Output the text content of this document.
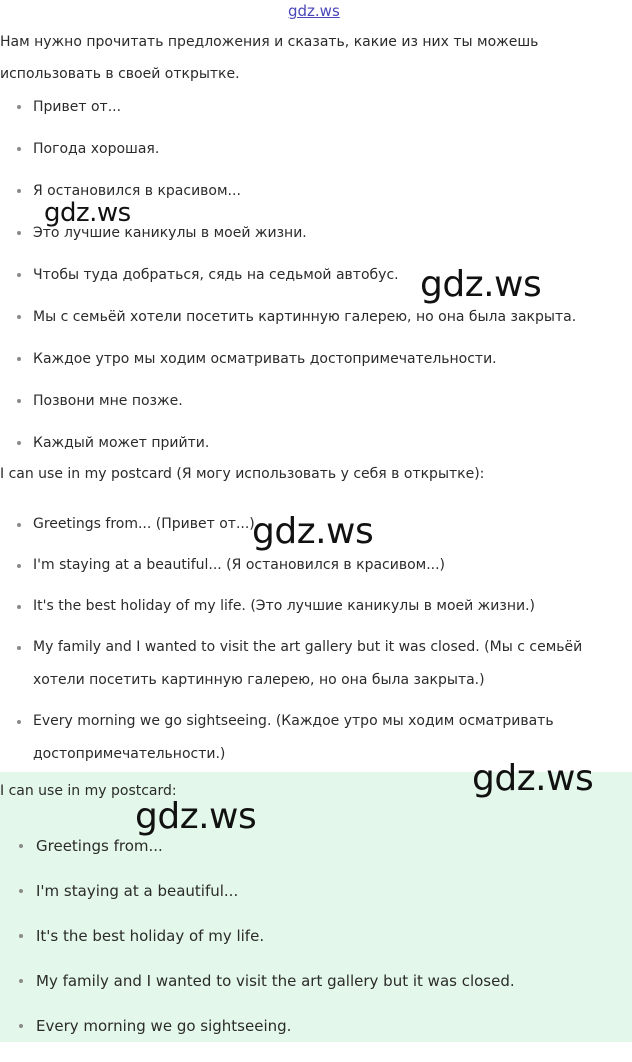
gdz.ws
Нам нужно прочитать предложения и сказать, какие из них ты можешь
использовать в своей открытке.
Привет от...
Погода хорошая.
Я остановился в красивом...
Это лучшие каникулы в моей жизни.
Чтобы туда добраться, сядь на седьмой автобус.
Мы с семьёй хотели посетить картинную галерею, но она была закрыта.
Каждое утро мы ходим осматривать достопримечательности.
Позвони мне позже.
Каждый может прийти.
I can use in my postcard (Я могу использовать у себя в открытке):
Greetings from... (Привет от...)
I'm staying at a beautiful... (Я остановился в красивом...)
It's the best holiday of my life. (Это лучшие каникулы в моей жизни.)
My family and I wanted to visit the art gallery but it was closed. (Мы с семьёй
хотели посетить картинную галерею, но она была закрыта.)
Every morning we go sightseeing. (Каждое утро мы ходим осматривать
достопримечательности.)
I can use in my postcard:
Greetings from...
I'm staying at a beautiful...
It's the best holiday of my life.
My family and I wanted to visit the art gallery but it was closed.
Every morning we go sightseeing.
gdz.ws
gdz.ws
gdz.ws
gdz.ws
gdz.ws
